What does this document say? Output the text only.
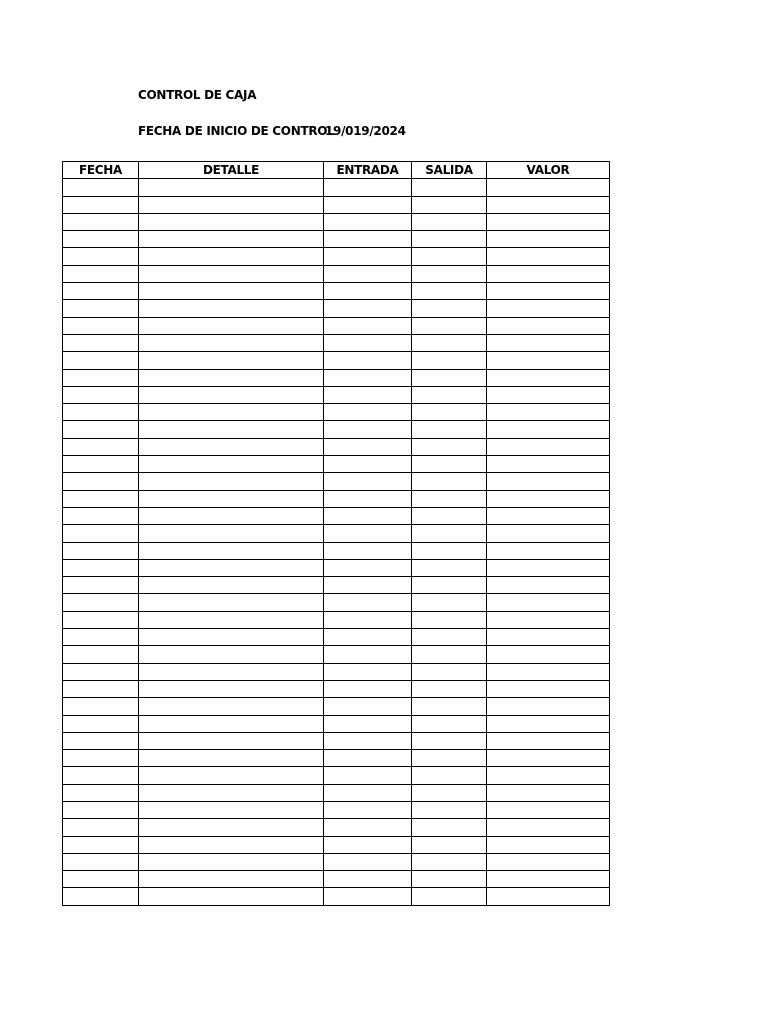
CONTROL DE CAJA
FECHA DE INICIO DE CONTROL
19/019/2024
FECHA	DETALLE	ENTRADA	SALIDA	VALOR
